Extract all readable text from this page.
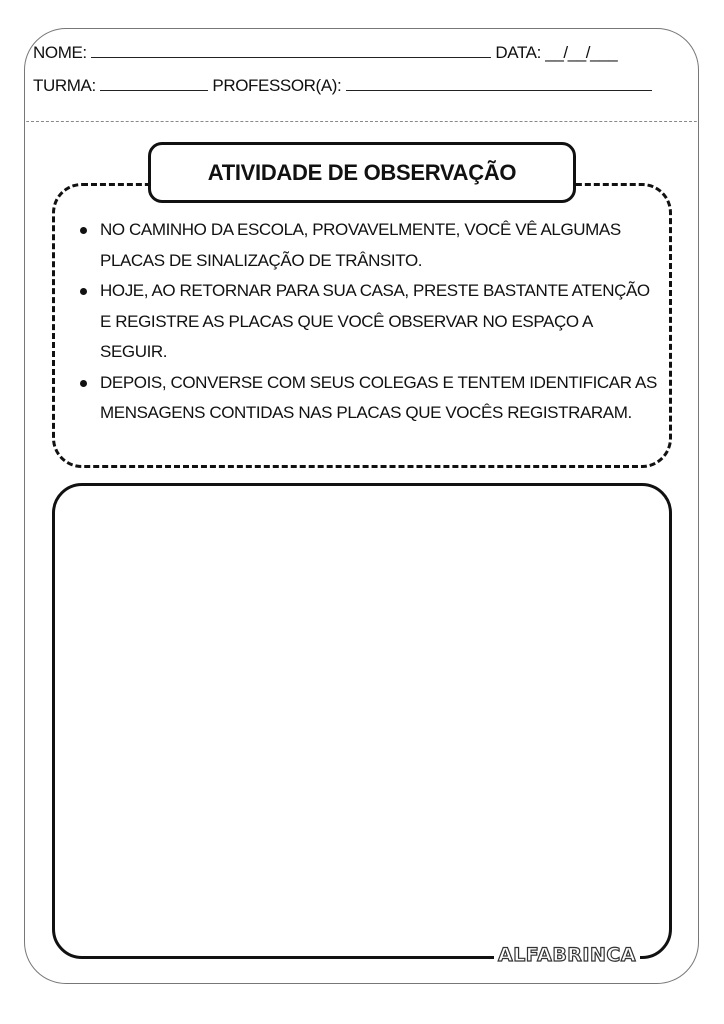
NOME:	DATA: __/__/___
TURMA:	PROFESSOR(A):
ATIVIDADE DE OBSERVAÇÃO
NO CAMINHO DA ESCOLA, PROVAVELMENTE, VOCÊ VÊ ALGUMAS PLACAS DE SINALIZAÇÃO DE TRÂNSITO.
HOJE, AO RETORNAR PARA SUA CASA, PRESTE BASTANTE ATENÇÃO E REGISTRE AS PLACAS QUE VOCÊ OBSERVAR NO ESPAÇO A SEGUIR.
DEPOIS, CONVERSE COM SEUS COLEGAS E TENTEM IDENTIFICAR AS MENSAGENS CONTIDAS NAS PLACAS QUE VOCÊS REGISTRARAM.
ALFABRINCA
